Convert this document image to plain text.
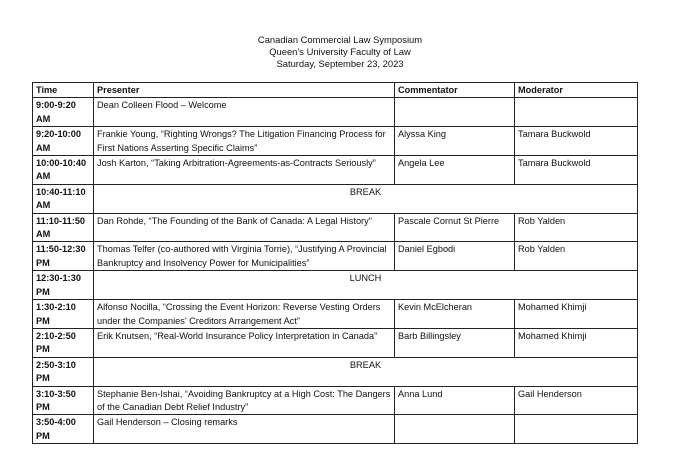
Canadian Commercial Law Symposium
Queen’s University Faculty of Law
Saturday, September 23, 2023
Time	Presenter	Commentator	Moderator
9:00-9:20 AM	Dean Colleen Flood – Welcome		
9:20-10:00 AM	Frankie Young, “Righting Wrongs? The Litigation Financing Process for First Nations Asserting Specific Claims”	Alyssa King	Tamara Buckwold
10:00-10:40 AM	Josh Karton, “Taking Arbitration-Agreements-as-Contracts Seriously”	Angela Lee	Tamara Buckwold
10:40-11:10 AM	BREAK		
11:10-11:50 AM	Dan Rohde, “The Founding of the Bank of Canada: A Legal History”	Pascale Cornut St Pierre	Rob Yalden
11:50-12:30 PM	Thomas Telfer (co-authored with Virginia Torrie), “Justifying A Provincial Bankruptcy and Insolvency Power for Municipalities”	Daniel Egbodi	Rob Yalden
12:30-1:30 PM	LUNCH		
1:30-2:10 PM	Alfonso Nocilla, “Crossing the Event Horizon: Reverse Vesting Orders under the Companies' Creditors Arrangement Act”	Kevin McElcheran	Mohamed Khimji
2:10-2:50 PM	Erik Knutsen, “Real-World Insurance Policy Interpretation in Canada”	Barb Billingsley	Mohamed Khimji
2:50-3:10 PM	BREAK		
3:10-3:50 PM	Stephanie Ben-Ishai, “Avoiding Bankruptcy at a High Cost: The Dangers of the Canadian Debt Relief Industry”	Anna Lund	Gail Henderson
3:50-4:00 PM	Gail Henderson – Closing remarks		
